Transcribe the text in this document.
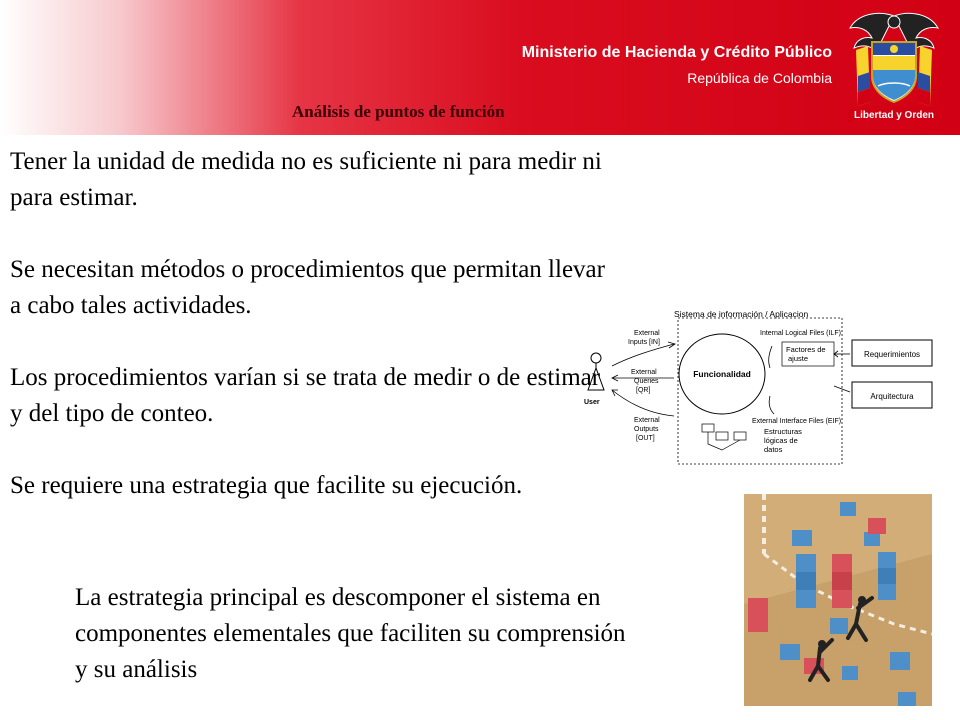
Ministerio de Hacienda y Crédito Público
República de Colombia
Análisis de puntos de función	Libertad y Orden

Tener la unidad de medida no es suficiente ni para medir ni para estimar.

Se necesitan métodos o procedimientos que permitan llevar a cabo tales actividades.

Los procedimientos varían si se trata de medir o de estimar y del tipo de conteo.

Se requiere una estrategia que facilite su ejecución.

La estrategia principal es descomponer el sistema en componentes elementales que faciliten su comprensión y su análisis
Sistema de información / Aplicacion
User
External
Inputs [IN]
External
Queries
[QR]
External
Outputs
[OUT]
Funcionalidad
Internal Logical Files (ILF)
External Interface Files (EIF)
Factores de
ajuste	Requerimientos
Arquitectura
Estructuras
lógicas de
datos
